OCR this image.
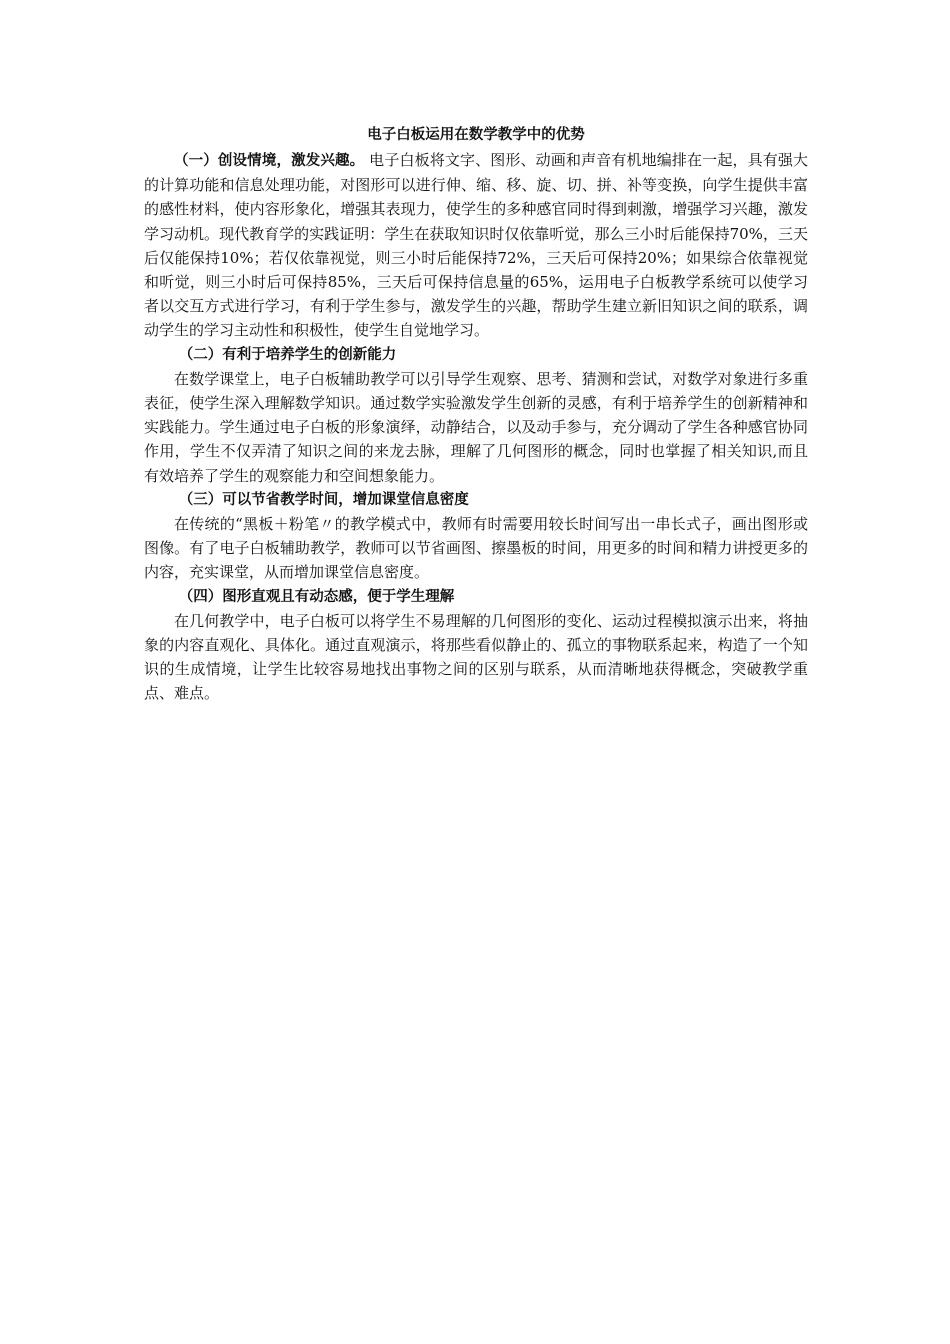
电子白板运用在数学教学中的优势

（一）创设情境，激发兴趣。 电子白板将文字、图形、动画和声音有机地编排在一起，具有强大的计算功能和信息处理功能，对图形可以进行伸、缩、移、旋、切、拼、补等变换，向学生提供丰富的感性材料，使内容形象化，增强其表现力，使学生的多种感官同时得到刺激，增强学习兴趣，激发学习动机。现代教育学的实践证明：学生在获取知识时仅依靠听觉，那么三小时后能保持70%，三天后仅能保持10%；若仅依靠视觉，则三小时后能保持72%，三天后可保持20%；如果综合依靠视觉和听觉，则三小时后可保持85%，三天后可保持信息量的65%，运用电子白板教学系统可以使学习者以交互方式进行学习，有利于学生参与，激发学生的兴趣，帮助学生建立新旧知识之间的联系，调动学生的学习主动性和积极性，使学生自觉地学习。

（二）有利于培养学生的创新能力

在数学课堂上，电子白板辅助教学可以引导学生观察、思考、猜测和尝试，对数学对象进行多重表征，使学生深入理解数学知识。通过数学实验激发学生创新的灵感，有利于培养学生的创新精神和实践能力。学生通过电子白板的形象演绎，动静结合，以及动手参与，充分调动了学生各种感官协同作用，学生不仅弄清了知识之间的来龙去脉，理解了几何图形的概念，同时也掌握了相关知识,而且有效培养了学生的观察能力和空间想象能力。

（三）可以节省教学时间，增加课堂信息密度

在传统的“黑板＋粉笔〃的教学模式中，教师有时需要用较长时间写出一串长式子，画出图形或图像。有了电子白板辅助教学，教师可以节省画图、擦墨板的时间，用更多的时间和精力讲授更多的内容，充实课堂，从而增加课堂信息密度。

（四）图形直观且有动态感，便于学生理解

在几何教学中，电子白板可以将学生不易理解的几何图形的变化、运动过程模拟演示出来，将抽象的内容直观化、具体化。通过直观演示，将那些看似静止的、孤立的事物联系起来，构造了一个知识的生成情境，让学生比较容易地找出事物之间的区别与联系，从而清晰地获得概念，突破教学重点、难点。
